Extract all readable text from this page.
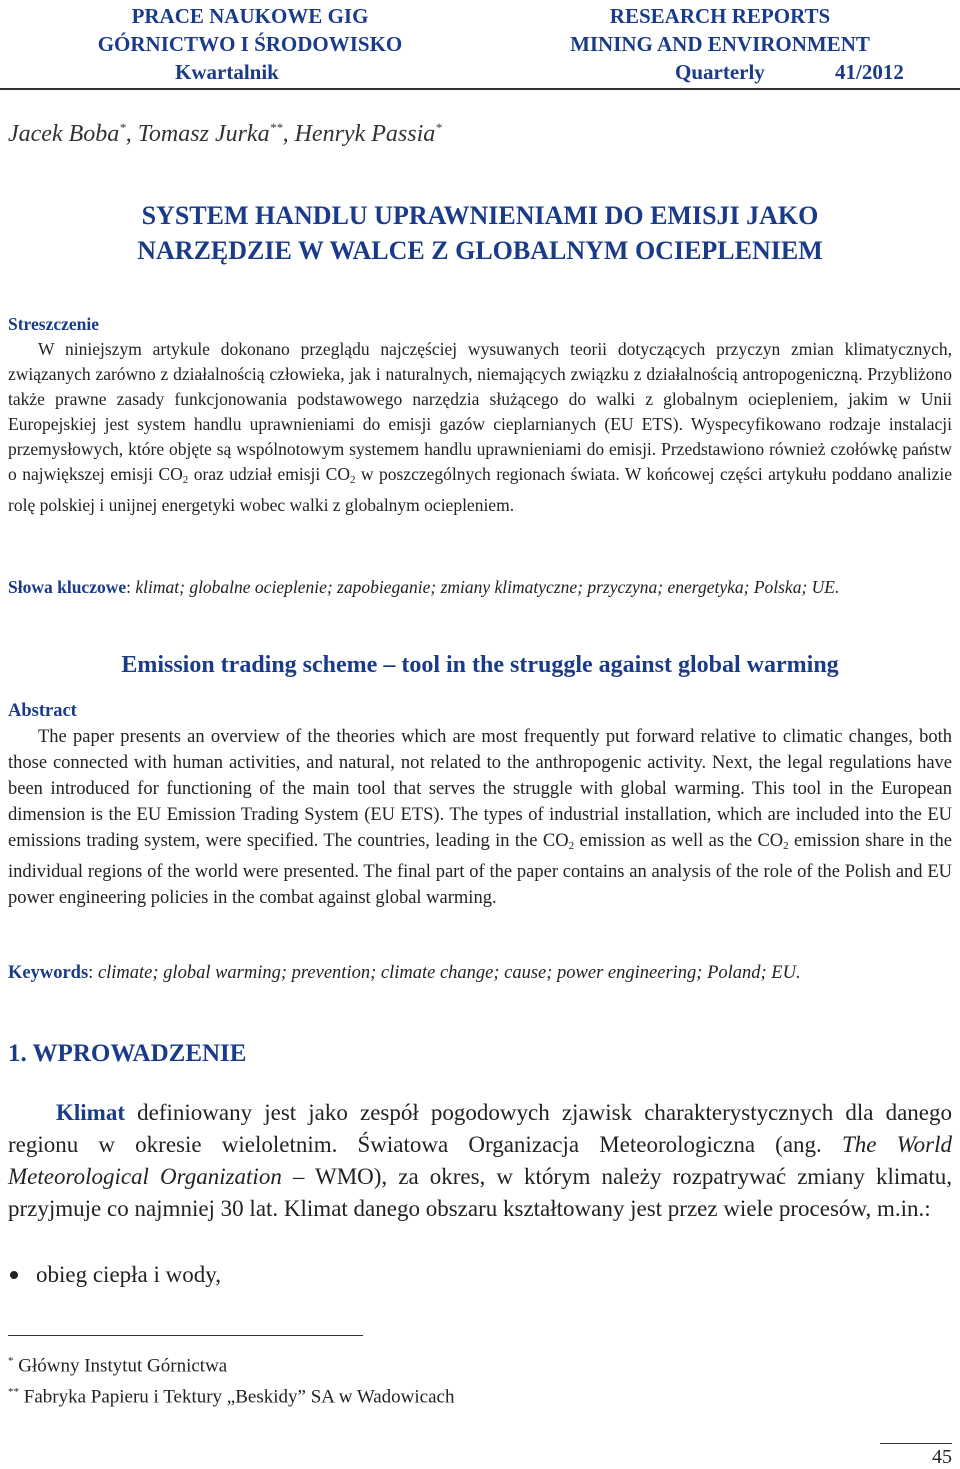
PRACE NAUKOWE GIG
GÓRNICTWO I ŚRODOWISKO
RESEARCH REPORTS
MINING AND ENVIRONMENT
Kwartalnik	Quarterly	41/2012
Jacek Boba*, Tomasz Jurka**, Henryk Passia*
SYSTEM HANDLU UPRAWNIENIAMI DO EMISJI JAKO
NARZĘDZIE W WALCE Z GLOBALNYM OCIEPLENIEM
Streszczenie
W niniejszym artykule dokonano przeglądu najczęściej wysuwanych teorii dotyczących przyczyn zmian klimatycznych, związanych zarówno z działalnością człowieka, jak i naturalnych, niemających związku z działalnością antropogeniczną. Przybliżono także prawne zasady funkcjonowania podstawowego narzędzia służącego do walki z globalnym ociepleniem, jakim w Unii Europejskiej jest system handlu uprawnieniami do emisji gazów cieplarnianych (EU ETS). Wyspecyfikowano rodzaje instalacji przemysłowych, które objęte są wspólnotowym systemem handlu uprawnieniami do emisji. Przedstawiono również czołówkę państw o największej emisji $CO_2$ oraz udział emisji $CO_2$ w poszczególnych regionach świata. W końcowej części artykułu poddano analizie rolę polskiej i unijnej energetyki wobec walki z globalnym ociepleniem.
Słowa kluczowe: klimat; globalne ocieplenie; zapobieganie; zmiany klimatyczne; przyczyna; energetyka; Polska; UE.
Emission trading scheme – tool in the struggle against global warming
Abstract
The paper presents an overview of the theories which are most frequently put forward relative to climatic changes, both those connected with human activities, and natural, not related to the anthropogenic activity. Next, the legal regulations have been introduced for functioning of the main tool that serves the struggle with global warming. This tool in the European dimension is the EU Emission Trading System (EU ETS). The types of industrial installation, which are included into the EU emissions trading system, were specified. The countries, leading in the $CO_2$ emission as well as the $CO_2$ emission share in the individual regions of the world were presented. The final part of the paper contains an analysis of the role of the Polish and EU power engineering policies in the combat against global warming.
Keywords: climate; global warming; prevention; climate change; cause; power engineering; Poland; EU.
1. WPROWADZENIE
Klimat definiowany jest jako zespół pogodowych zjawisk charakterystycznych dla danego regionu w okresie wieloletnim. Światowa Organizacja Meteorologiczna (ang. The World Meteorological Organization – WMO), za okres, w którym należy rozpatrywać zmiany klimatu, przyjmuje co najmniej 30 lat. Klimat danego obszaru kształtowany jest przez wiele procesów, m.in.:
obieg ciepła i wody,
* Główny Instytut Górnictwa
** Fabryka Papieru i Tektury „Beskidy” SA w Wadowicach
45
